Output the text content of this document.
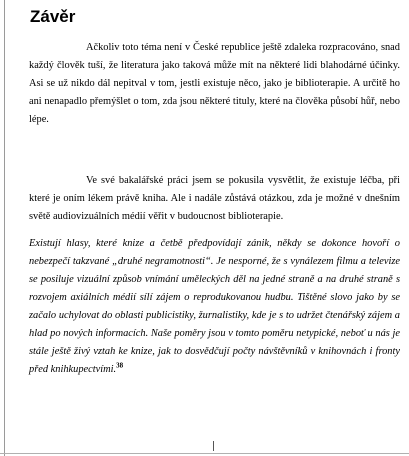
Závěr

Ačkoliv toto téma není v České republice ještě zdaleka rozpracováno, snad každý člověk tuší, že literatura jako taková může mít na některé lidi blahodárné účinky. Asi se už nikdo dál nepitval v tom, jestli existuje něco, jako je biblioterapie. A určitě ho ani nenapadlo přemýšlet o tom, zda jsou některé tituly, které na člověka působí hůř, nebo lépe.

Ve své bakalářské práci jsem se pokusila vysvětlit, že existuje léčba, při které je oním lékem právě kniha. Ale i nadále zůstává otázkou, zda je možné v dnešním světě audiovizuálních médií věřit v budoucnost biblioterapie.

Existují hlasy, které knize a četbě předpovídají zánik, někdy se dokonce hovoří o nebezpečí takzvané „druhé negramotnosti“. Je nesporné, že s vynálezem filmu a televize se posiluje vizuální způsob vnímání uměleckých děl na jedné straně a na druhé straně s rozvojem axiálních médií sílí zájem o reprodukovanou hudbu. Tištěné slovo jako by se začalo uchylovat do oblasti publicistiky, žurnalistiky, kde je s to udržet čtenářský zájem a hlad po nových informacích. Naše poměry jsou v tomto poměru netypické, neboť u nás je stále ještě živý vztah ke knize, jak to dosvědčují počty návštěvníků v knihovnách i fronty před knihkupectvími.$^{38}$
